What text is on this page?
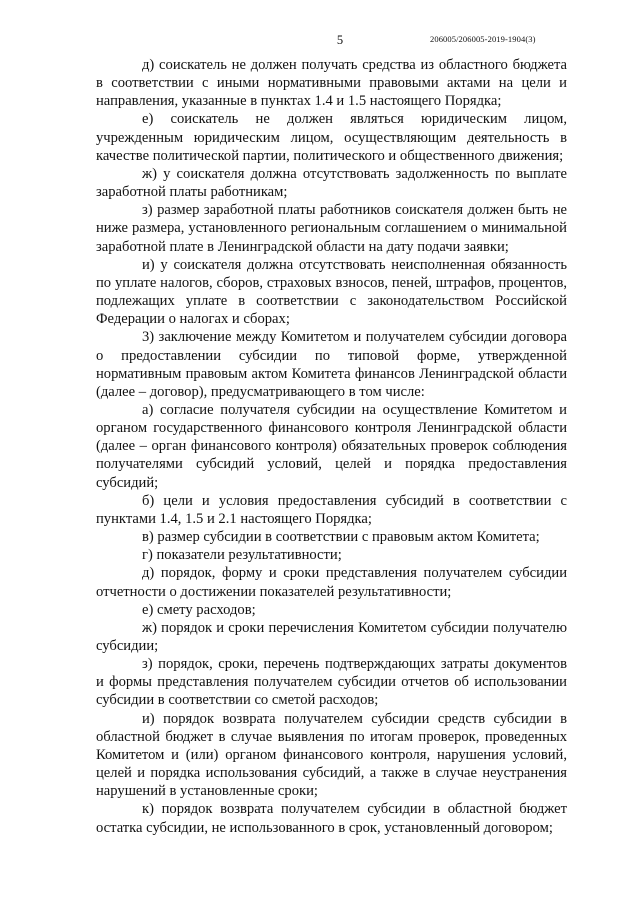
5	206005/206005-2019-1904(3)

д) соискатель не должен получать средства из областного бюджета в соответствии с иными нормативными правовыми актами на цели и направления, указанные в пунктах 1.4 и 1.5 настоящего Порядка;

е) соискатель не должен являться юридическим лицом, учрежденным юридическим лицом, осуществляющим деятельность в качестве политической партии, политического и общественного движения;

ж) у соискателя должна отсутствовать задолженность по выплате заработной платы работникам;

з) размер заработной платы работников соискателя должен быть не ниже размера, установленного региональным соглашением о минимальной заработной плате в Ленинградской области на дату подачи заявки;

и) у соискателя должна отсутствовать неисполненная обязанность по уплате налогов, сборов, страховых взносов, пеней, штрафов, процентов, подлежащих уплате в соответствии с законодательством Российской Федерации о налогах и сборах;

3) заключение между Комитетом и получателем субсидии договора о предоставлении субсидии по типовой форме, утвержденной нормативным правовым актом Комитета финансов Ленинградской области (далее – договор), предусматривающего в том числе:

а) согласие получателя субсидии на осуществление Комитетом и органом государственного финансового контроля Ленинградской области (далее – орган финансового контроля) обязательных проверок соблюдения получателями субсидий условий, целей и порядка предоставления субсидий;

б) цели и условия предоставления субсидий в соответствии с пунктами 1.4, 1.5 и 2.1 настоящего Порядка;

в) размер субсидии в соответствии с правовым актом Комитета;

г) показатели результативности;

д) порядок, форму и сроки представления получателем субсидии отчетности о достижении показателей результативности;

е) смету расходов;

ж) порядок и сроки перечисления Комитетом субсидии получателю субсидии;

з) порядок, сроки, перечень подтверждающих затраты документов и формы представления получателем субсидии отчетов об использовании субсидии в соответствии со сметой расходов;

и) порядок возврата получателем субсидии средств субсидии в областной бюджет в случае выявления по итогам проверок, проведенных Комитетом и (или) органом финансового контроля, нарушения условий, целей и порядка использования субсидий, а также в случае неустранения нарушений в установленные сроки;

к) порядок возврата получателем субсидии в областной бюджет остатка субсидии, не использованного в срок, установленный договором;
